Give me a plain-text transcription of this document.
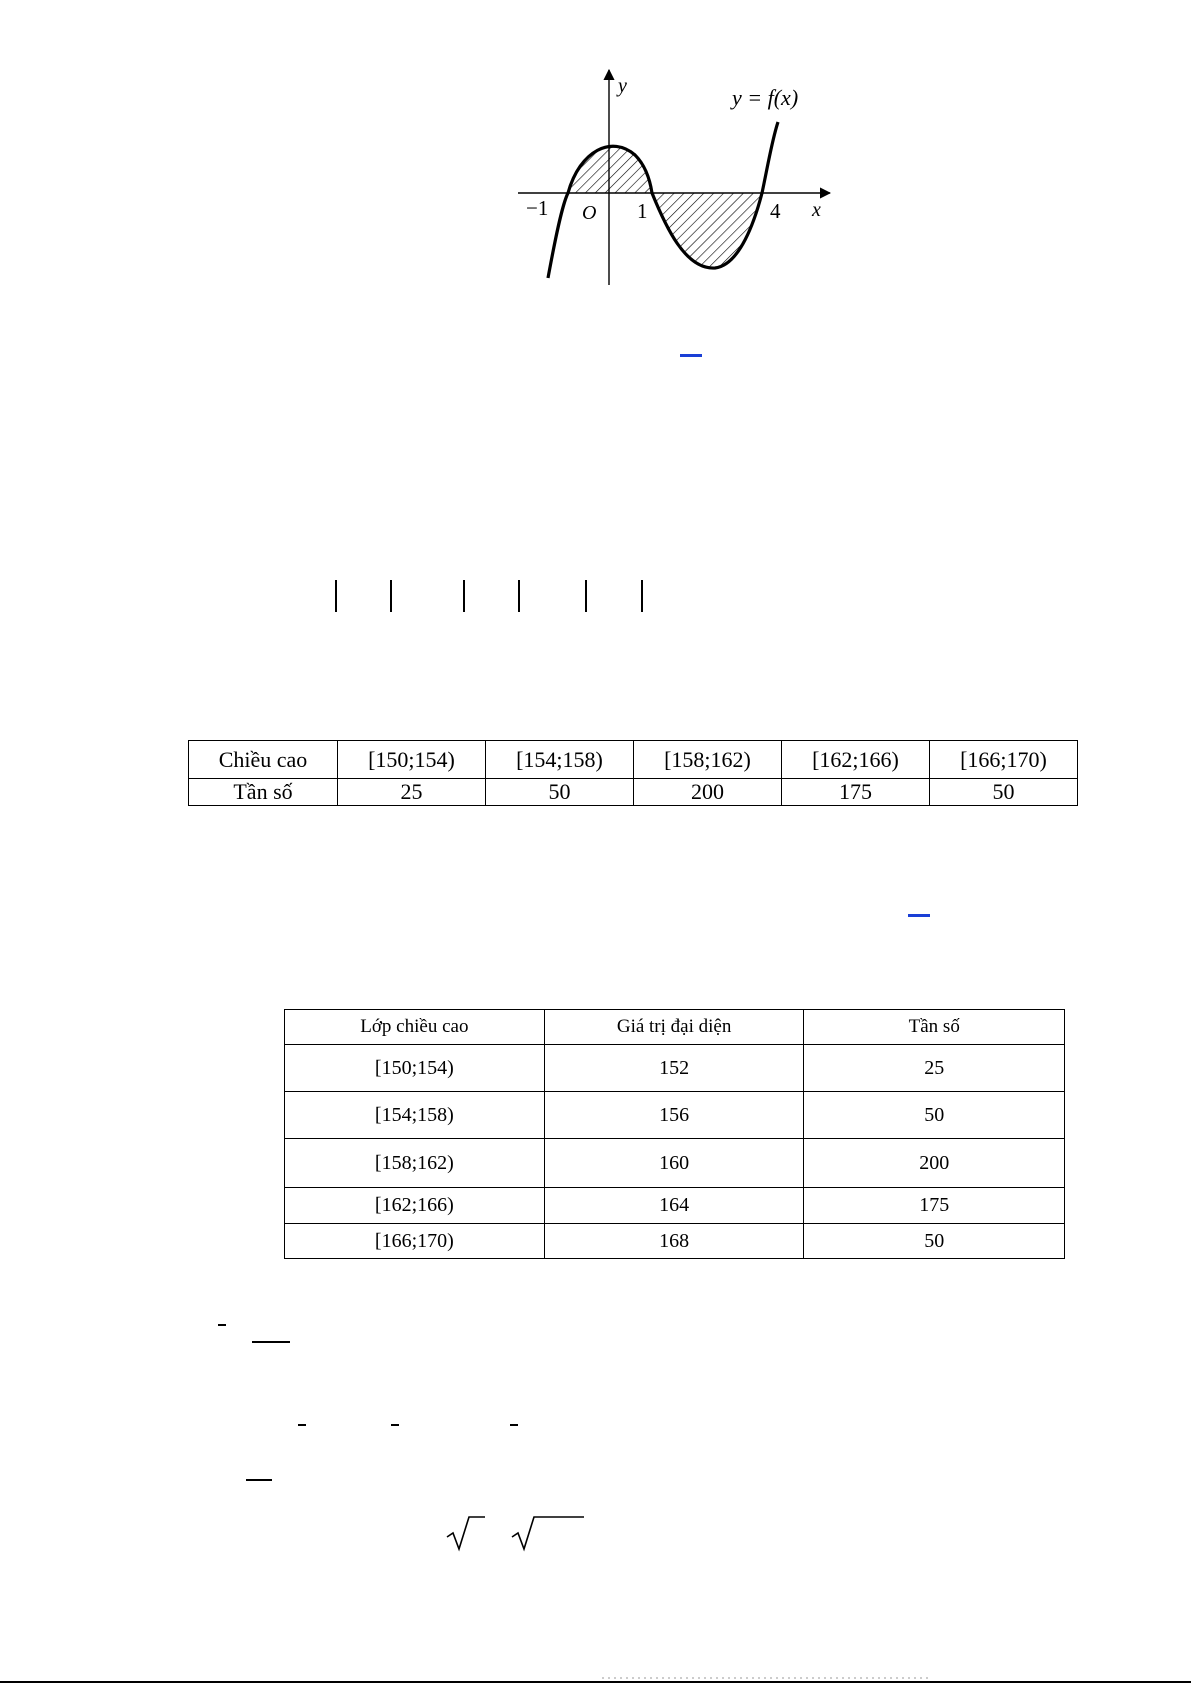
y
x
y = f(x)
O
−1	1	4
Chiều cao	[150;154)	[154;158)	[158;162)	[162;166)	[166;170)
Tần số	25	50	200	175	50
Lớp chiều cao	Giá trị đại diện	Tần số
[150;154)	152	25
[154;158)	156	50
[158;162)	160	200
[162;166)	164	175
[166;170)	168	50
